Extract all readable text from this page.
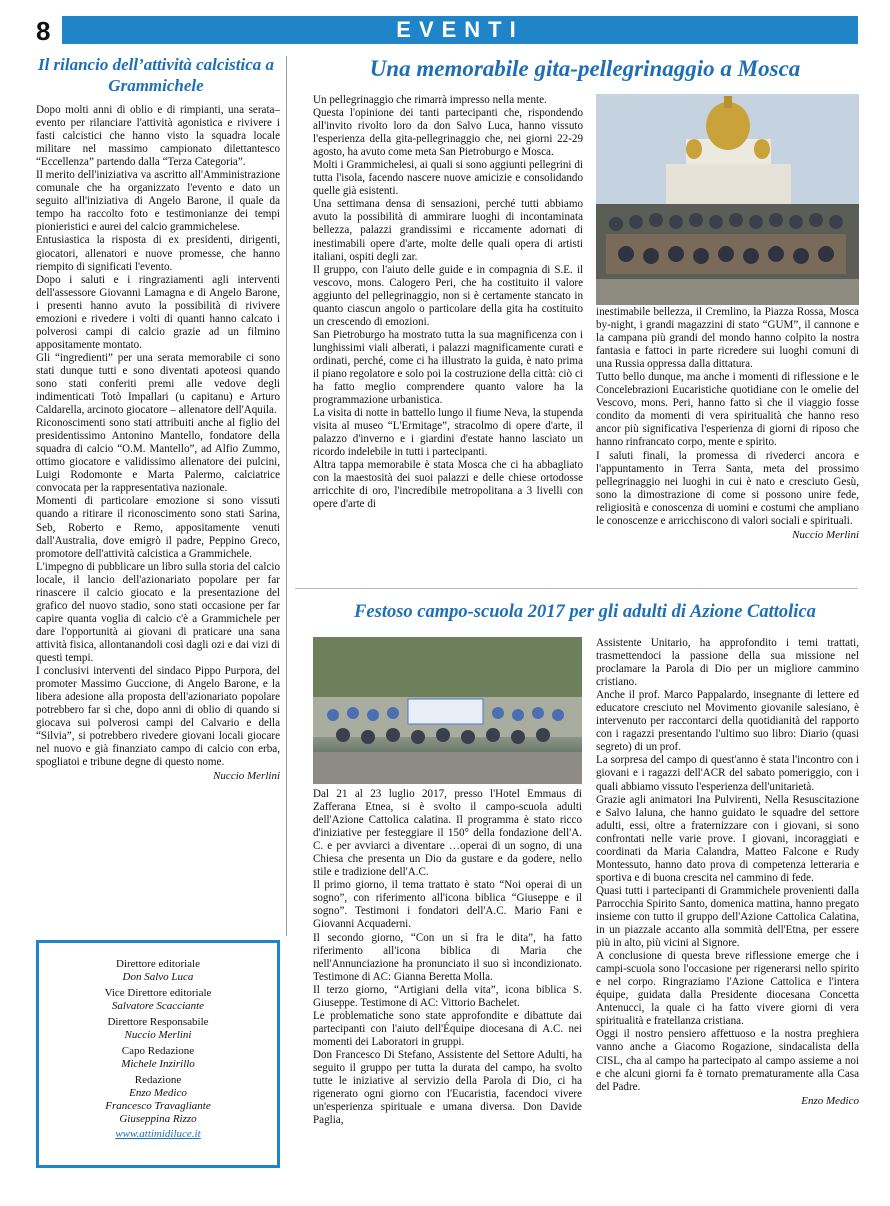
8	EVENTI
Il rilancio dell’attività calcistica a Grammichele

Dopo molti anni di oblio e di rimpianti, una serata–evento per rilanciare l'attività agonistica e rivivere i fasti calcistici che hanno visto la squadra locale militare nel massimo campionato dilettantesco “Eccellenza” partendo dalla “Terza Categoria”.

Il merito dell'iniziativa va ascritto all'Amministrazione comunale che ha organizzato l'evento e dato un seguito all'iniziativa di Angelo Barone, il quale da tempo ha raccolto foto e testimonianze dei tempi pionieristici e aurei del calcio grammichelese.

Entusiastica la risposta di ex presidenti, dirigenti, giocatori, allenatori e nuove promesse, che hanno riempito di significati l'evento.

Dopo i saluti e i ringraziamenti agli interventi dell'assessore Giovanni Lamagna e di Angelo Barone, i presenti hanno avuto la possibilità di rivivere emozioni e rivedere i volti di quanti hanno calcato i polverosi campi di calcio grazie ad un filmino appositamente montato.

Gli “ingredienti” per una serata memorabile ci sono stati dunque tutti e sono diventati apoteosi quando sono stati conferiti premi alle vedove degli indimenticati Totò Impallari (u capitanu) e Arturo Caldarella, arcinoto giocatore – allenatore dell'Aquila.

Riconoscimenti sono stati attribuiti anche al figlio del presidentissimo Antonino Mantello, fondatore della squadra di calcio “O.M. Mantello”, ad Alfio Zummo, ottimo giocatore e validissimo allenatore dei pulcini, Luigi Rodomonte e Marta Palermo, calciatrice convocata per la rappresentativa nazionale.

Momenti di particolare emozione si sono vissuti quando a ritirare il riconoscimento sono stati Sarina, Seb, Roberto e Remo, appositamente venuti dall'Australia, dove emigrò il padre, Peppino Greco, promotore dell'attività calcistica a Grammichele.

L'impegno di pubblicare un libro sulla storia del calcio locale, il lancio dell'azionariato popolare per far rinascere il calcio giocato e la presentazione del grafico del nuovo stadio, sono stati occasione per far capire quanta voglia di calcio c'è a Grammichele per dare l'opportunità ai giovani di praticare una sana attività fisica, allontanandoli così dagli ozi e dai vizi di questi tempi.

I conclusivi interventi del sindaco Pippo Purpora, del promoter Massimo Guccione, di Angelo Barone, e la libera adesione alla proposta dell'azionariato popolare potrebbero far sì che, dopo anni di oblio di quando si giocava sui polverosi campi del Calvario e della “Silvia”, si potrebbero rivedere giovani locali giocare nel nuovo e già finanziato campo di calcio con erba, spogliatoi e tribune degne di questo nome.

Nuccio Merlini
Direttore editoriale
Don Salvo Luca
Vice Direttore editoriale
Salvatore Scacciante
Direttore Responsabile
Nuccio Merlini
Capo Redazione
Michele Inzirillo
Redazione
Enzo Medico
Francesco Travagliante
Giuseppina Rizzo
www.attimidiluce.it
Una memorabile gita-pellegrinaggio a Mosca

Un pellegrinaggio che rimarrà impresso nella mente.

Questa l'opinione dei tanti partecipanti che, rispondendo all'invito rivolto loro da don Salvo Luca, hanno vissuto l'esperienza della gita-pellegrinaggio che, nei giorni 22-29 agosto, ha avuto come meta San Pietroburgo e Mosca.

Molti i Grammichelesi, ai quali si sono aggiunti pellegrini di tutta l'isola, facendo nascere nuove amicizie e consolidando quelle già esistenti.

Una settimana densa di sensazioni, perché tutti abbiamo avuto la possibilità di ammirare luoghi di incontaminata bellezza, palazzi grandissimi e riccamente adornati di inestimabili opere d'arte, molte delle quali opera di artisti italiani, ospiti degli zar.

Il gruppo, con l'aiuto delle guide e in compagnia di S.E. il vescovo, mons. Calogero Peri, che ha costituito il valore aggiunto del pellegrinaggio, non si è certamente stancato in quanto ciascun angolo o particolare della gita ha costituito un crescendo di emozioni.

San Pietroburgo ha mostrato tutta la sua magnificenza con i lunghissimi viali alberati, i palazzi magnificamente curati e ordinati, perché, come ci ha illustrato la guida, è nato prima il piano regolatore e solo poi la costruzione della città: ciò ci ha fatto meglio comprendere quanto valore ha la programmazione urbanistica.

La visita di notte in battello lungo il fiume Neva, la stupenda visita al museo “L'Ermitage”, stracolmo di opere d'arte, il palazzo d'inverno e i giardini d'estate hanno lasciato un ricordo indelebile in tutti i partecipanti.

Altra tappa memorabile è stata Mosca che ci ha abbagliato con la maestosità dei suoi palazzi e delle chiese ortodosse arricchite di oro, l'incredibile metropolitana a 3 livelli con opere d'arte di

inestimabile bellezza, il Cremlino, la Piazza Rossa, Mosca by-night, i grandi magazzini di stato “GUM”, il cannone e la campana più grandi del mondo hanno colpito la nostra fantasia e fattoci in parte ricredere sui luoghi comuni di una Russia oppressa dalla dittatura.

Tutto bello dunque, ma anche i momenti di riflessione e le Concelebrazioni Eucaristiche quotidiane con le omelie del Vescovo, mons. Peri, hanno fatto sì che il viaggio fosse condito da momenti di vera spiritualità che hanno reso ancor più significativa l'esperienza di giorni di riposo che hanno rinfrancato corpo, mente e spirito.

I saluti finali, la promessa di rivederci ancora e l'appuntamento in Terra Santa, meta del prossimo pellegrinaggio nei luoghi in cui è nato e cresciuto Gesù, sono la dimostrazione di come si possono unire fede, religiosità e conoscenza di uomini e costumi che ampliano le conoscenze e arricchiscono di valori sociali e spirituali.

Nuccio Merlini
Festoso campo-scuola 2017 per gli adulti di Azione Cattolica

Dal 21 al 23 luglio 2017, presso l'Hotel Emmaus di Zafferana Etnea, si è svolto il campo-scuola adulti dell'Azione Cattolica calatina. Il programma è stato ricco d'iniziative per festeggiare il 150° della fondazione dell'A. C. e per avviarci a diventare …operai di un sogno, di una Chiesa che presenta un Dio da gustare e da godere, nello stile e tradizione dell'A.C.

Il primo giorno, il tema trattato è stato “Noi operai di un sogno”, con riferimento all'icona biblica “Giuseppe e il sogno”. Testimoni i fondatori dell'A.C. Mario Fani e Giovanni Acquaderni.

Il secondo giorno, “Con un sì fra le dita”, ha fatto riferimento all'icona biblica di Maria che nell'Annunciazione ha pronunciato il suo sì incondizionato. Testimone di AC: Gianna Beretta Molla.

Il terzo giorno, “Artigiani della vita”, icona biblica S. Giuseppe. Testimone di AC: Vittorio Bachelet.

Le problematiche sono state approfondite e dibattute dai partecipanti con l'aiuto dell'Équipe diocesana di A.C. nei momenti dei Laboratori in gruppi.

Don Francesco Di Stefano, Assistente del Settore Adulti, ha seguito il gruppo per tutta la durata del campo, ha svolto tutte le iniziative al servizio della Parola di Dio, ci ha rigenerato ogni giorno con l'Eucaristia, facendoci vivere un'esperienza spirituale e umana diversa. Don Davide Paglia,

Assistente Unitario, ha approfondito i temi trattati, trasmettendoci la passione della sua missione nel proclamare la Parola di Dio per un migliore cammino cristiano.

Anche il prof. Marco Pappalardo, insegnante di lettere ed educatore cresciuto nel Movimento giovanile salesiano, è intervenuto per raccontarci della quotidianità del rapporto con i ragazzi presentando l'ultimo suo libro: Diario (quasi segreto) di un prof.

La sorpresa del campo di quest'anno è stata l'incontro con i giovani e i ragazzi dell'ACR del sabato pomeriggio, con i quali abbiamo vissuto l'esperienza dell'unitarietà.

Grazie agli animatori Ina Pulvirenti, Nella Resuscitazione e Salvo Ialuna, che hanno guidato le squadre del settore adulti, essi, oltre a fraternizzare con i giovani, si sono confrontati nelle varie prove. I giovani, incoraggiati e coordinati da Maria Calandra, Matteo Falcone e Rudy Montessuto, hanno dato prova di competenza letteraria e sportiva e di buona crescita nel cammino di fede.

Quasi tutti i partecipanti di Grammichele provenienti dalla Parrocchia Spirito Santo, domenica mattina, hanno pregato insieme con tutto il gruppo dell'Azione Cattolica Calatina, in un piazzale accanto alla sommità dell'Etna, per essere più in alto, più vicini al Signore.

A conclusione di questa breve riflessione emerge che i campi-scuola sono l'occasione per rigenerarsi nello spirito e nel corpo. Ringraziamo l'Azione Cattolica e l'intera équipe, guidata dalla Presidente diocesana Concetta Antenucci, la quale ci ha fatto vivere giorni di vera spiritualità e fratellanza cristiana.

Oggi il nostro pensiero affettuoso e la nostra preghiera vanno anche a Giacomo Rogazione, sindacalista della CISL, cha al campo ha partecipato al campo assieme a noi e che alcuni giorni fa è tornato prematuramente alla Casa del Padre.

Enzo Medico
